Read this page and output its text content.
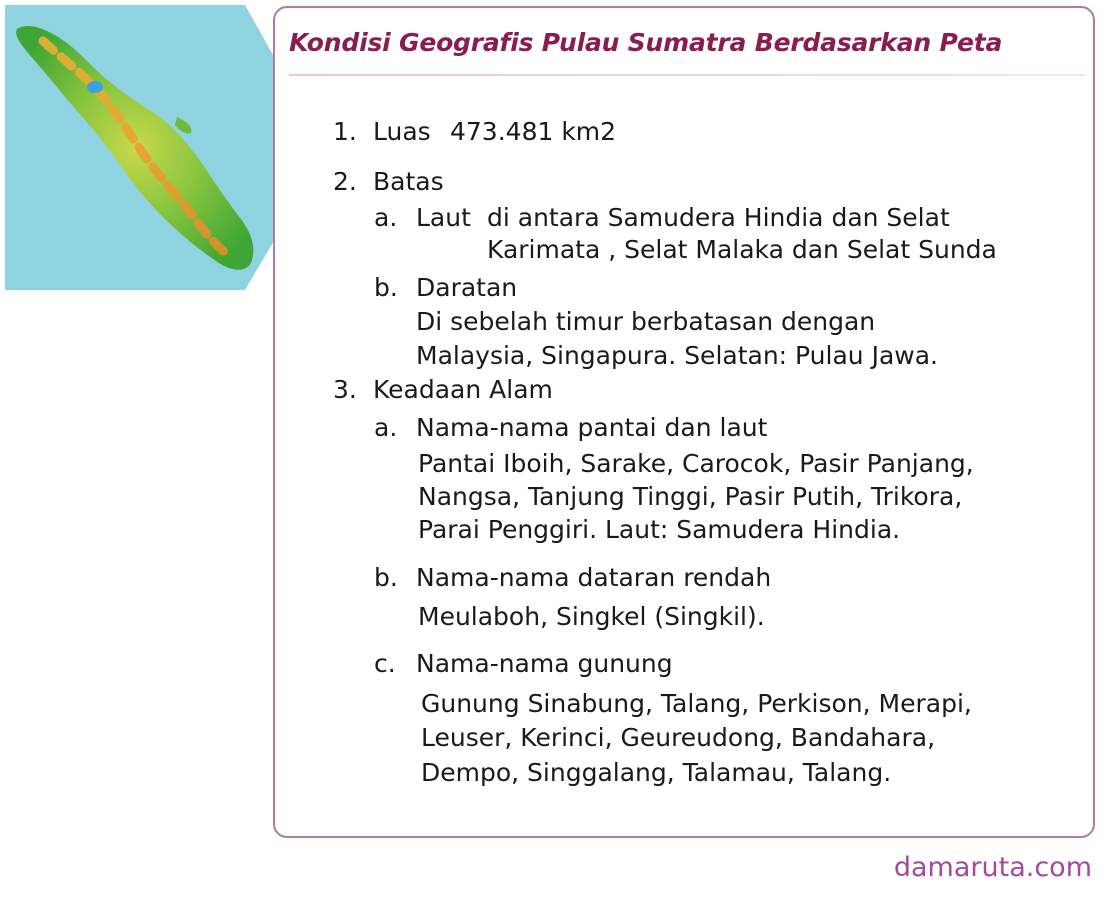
Kondisi Geografis Pulau Sumatra Berdasarkan Peta
1. Luas 473.481 km2
2. Batas
a. Laut di antara Samudera Hindia dan Selat
Karimata , Selat Malaka dan Selat Sunda
b. Daratan
Di sebelah timur berbatasan dengan
Malaysia, Singapura. Selatan: Pulau Jawa.
3. Keadaan Alam
a. Nama-nama pantai dan laut
Pantai Iboih, Sarake, Carocok, Pasir Panjang,
Nangsa, Tanjung Tinggi, Pasir Putih, Trikora,
Parai Penggiri. Laut: Samudera Hindia.
b. Nama-nama dataran rendah
Meulaboh, Singkel (Singkil).
c. Nama-nama gunung
Gunung Sinabung, Talang, Perkison, Merapi,
Leuser, Kerinci, Geureudong, Bandahara,
Dempo, Singgalang, Talamau, Talang.
damaruta.com
